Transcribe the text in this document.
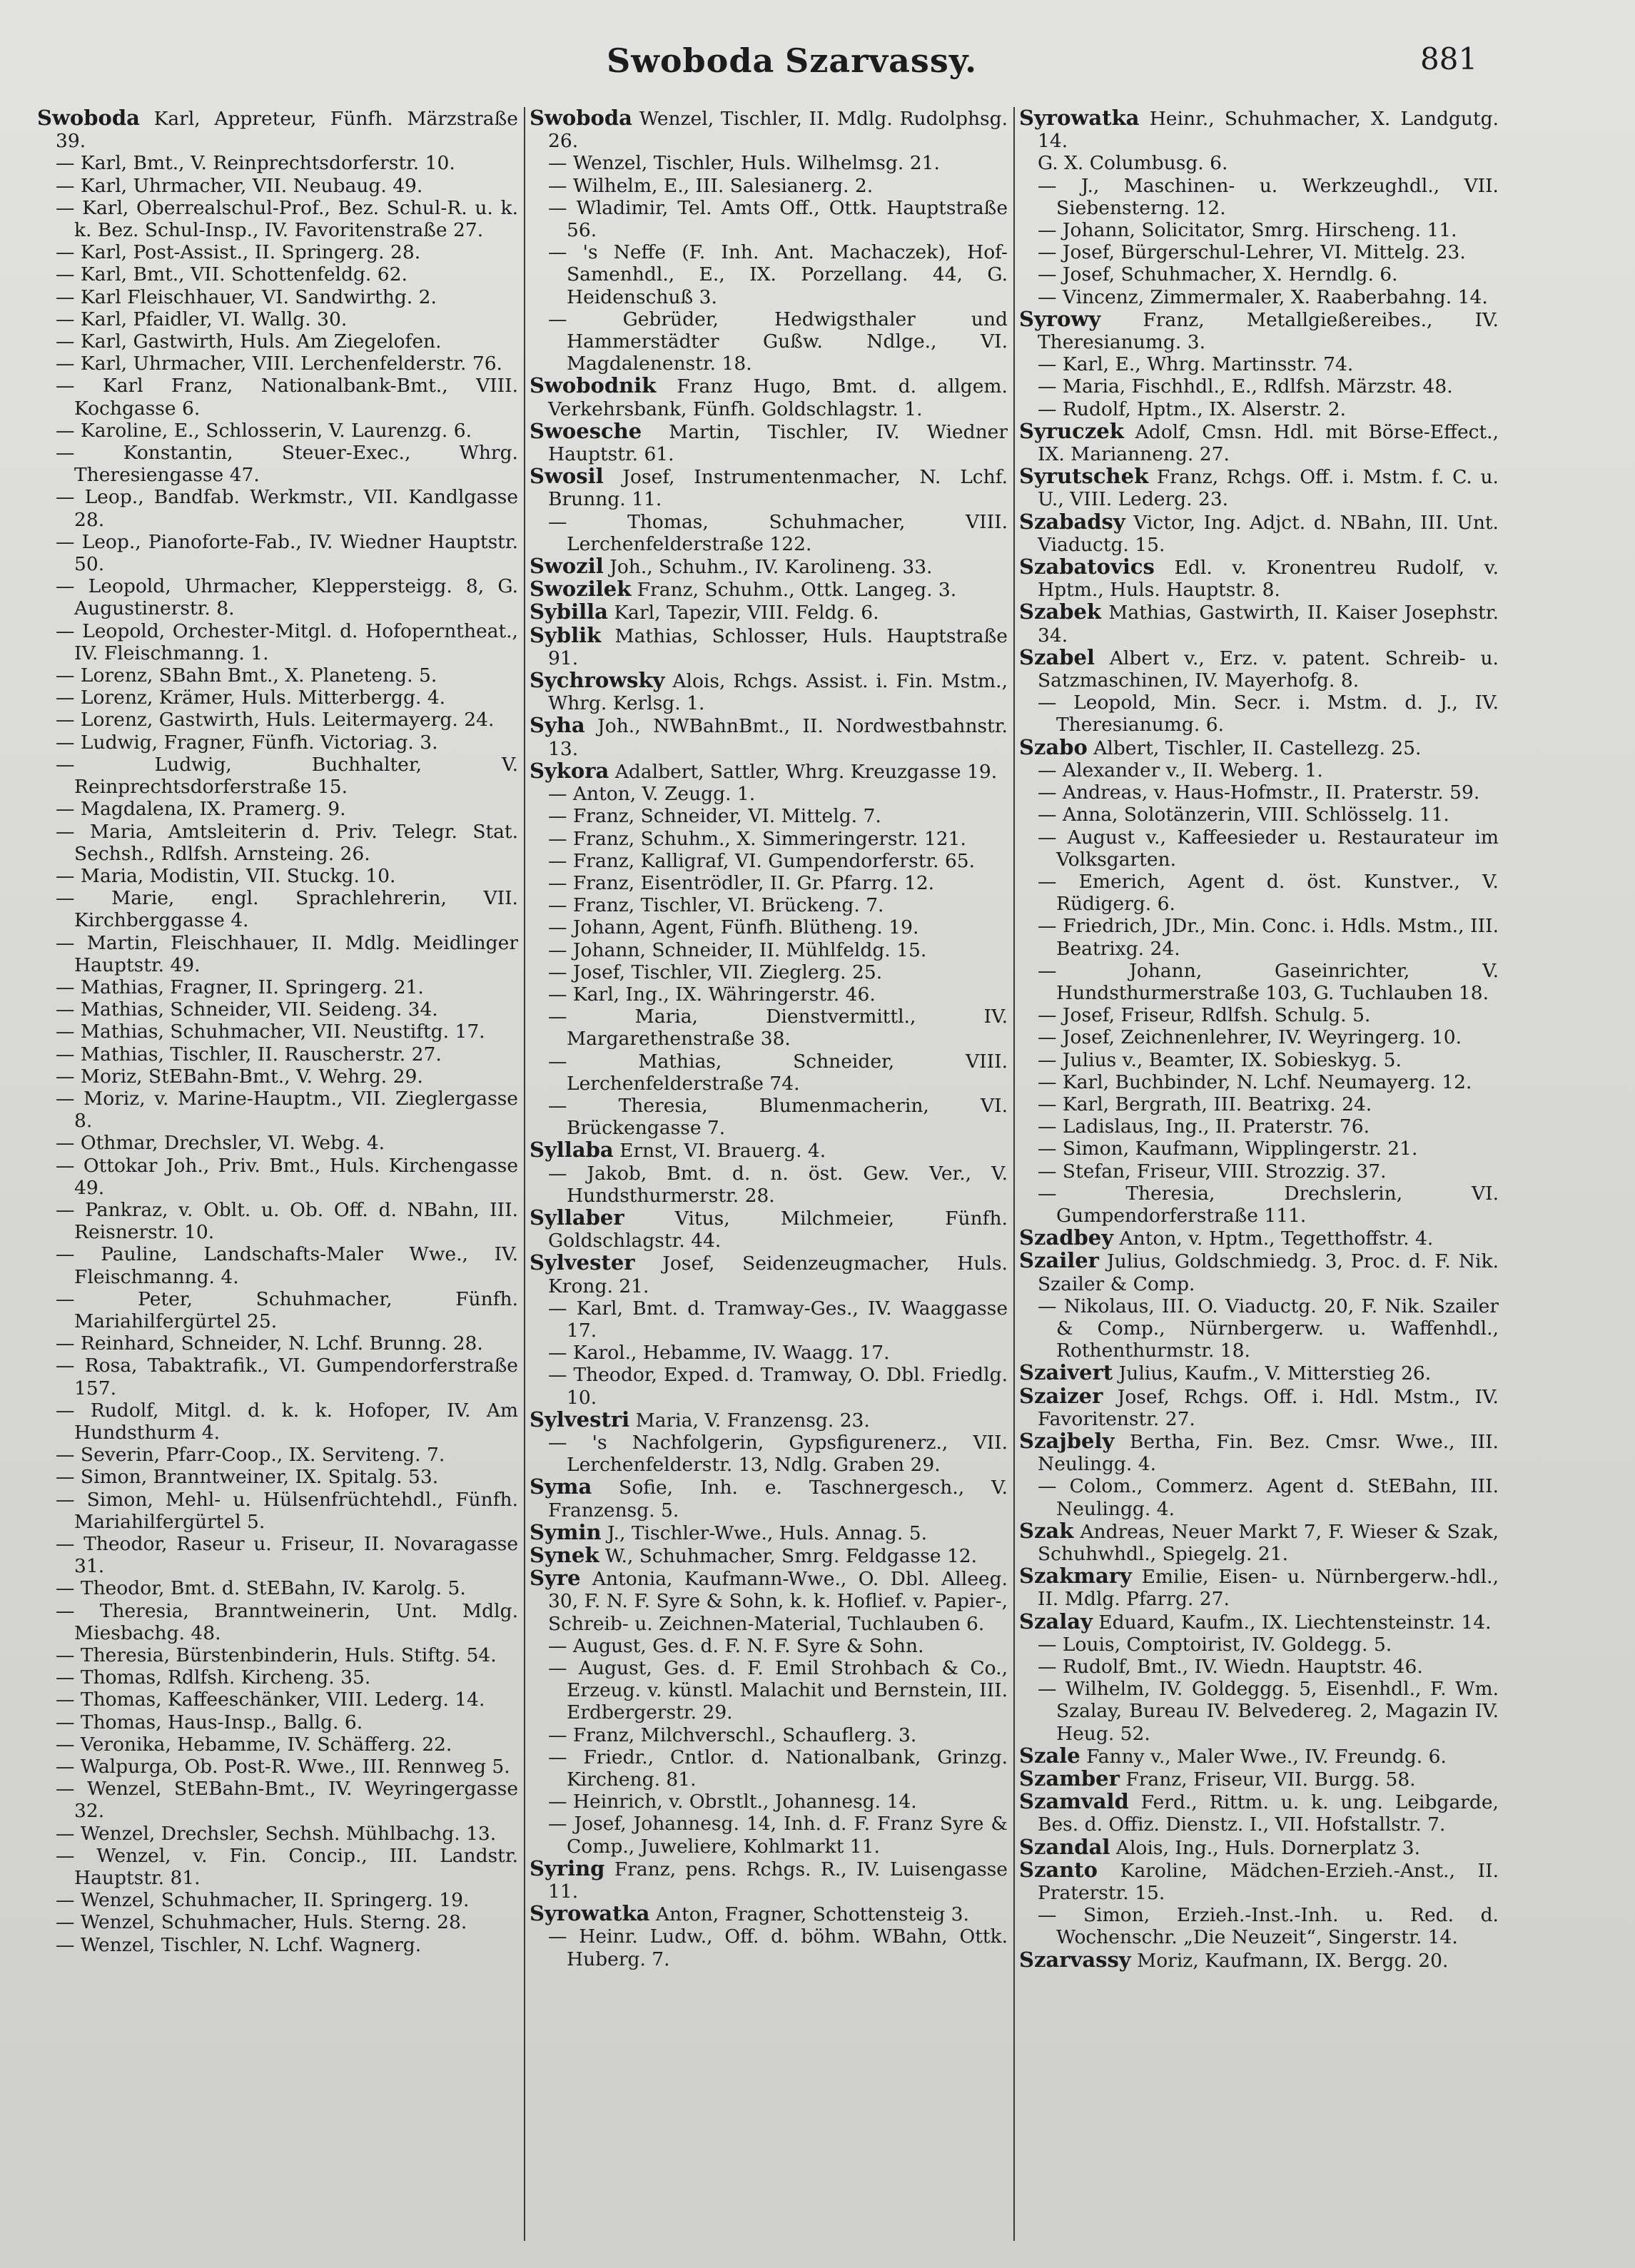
Swoboda Szarvassy.	881
Swoboda Karl, Appreteur, Fünfh. Märzstraße 39.
— Karl, Bmt., V. Reinprechtsdorferstr. 10.
— Karl, Uhrmacher, VII. Neubaug. 49.
— Karl, Oberrealschul-Prof., Bez. Schul-R. u. k. k. Bez. Schul-Insp., IV. Favoritenstraße 27.
— Karl, Post-Assist., II. Springerg. 28.
— Karl, Bmt., VII. Schottenfeldg. 62.
— Karl Fleischhauer, VI. Sandwirthg. 2.
— Karl, Pfaidler, VI. Wallg. 30.
— Karl, Gastwirth, Huls. Am Ziegelofen.
— Karl, Uhrmacher, VIII. Lerchenfelderstr. 76.
— Karl Franz, Nationalbank-Bmt., VIII. Kochgasse 6.
— Karoline, E., Schlosserin, V. Laurenzg. 6.
— Konstantin, Steuer-Exec., Whrg. Theresiengasse 47.
— Leop., Bandfab. Werkmstr., VII. Kandlgasse 28.
— Leop., Pianoforte-Fab., IV. Wiedner Hauptstr. 50.
— Leopold, Uhrmacher, Kleppersteigg. 8, G. Augustinerstr. 8.
— Leopold, Orchester-Mitgl. d. Hofoperntheat., IV. Fleischmanng. 1.
— Lorenz, SBahn Bmt., X. Planeteng. 5.
— Lorenz, Krämer, Huls. Mitterbergg. 4.
— Lorenz, Gastwirth, Huls. Leitermayerg. 24.
— Ludwig, Fragner, Fünfh. Victoriag. 3.
— Ludwig, Buchhalter, V. Reinprechtsdorferstraße 15.
— Magdalena, IX. Pramerg. 9.
— Maria, Amtsleiterin d. Priv. Telegr. Stat. Sechsh., Rdlfsh. Arnsteing. 26.
— Maria, Modistin, VII. Stuckg. 10.
— Marie, engl. Sprachlehrerin, VII. Kirchberggasse 4.
— Martin, Fleischhauer, II. Mdlg. Meidlinger Hauptstr. 49.
— Mathias, Fragner, II. Springerg. 21.
— Mathias, Schneider, VII. Seideng. 34.
— Mathias, Schuhmacher, VII. Neustiftg. 17.
— Mathias, Tischler, II. Rauscherstr. 27.
— Moriz, StEBahn-Bmt., V. Wehrg. 29.
— Moriz, v. Marine-Hauptm., VII. Zieglergasse 8.
— Othmar, Drechsler, VI. Webg. 4.
— Ottokar Joh., Priv. Bmt., Huls. Kirchengasse 49.
— Pankraz, v. Oblt. u. Ob. Off. d. NBahn, III. Reisnerstr. 10.
— Pauline, Landschafts-Maler Wwe., IV. Fleischmanng. 4.
— Peter, Schuhmacher, Fünfh. Mariahilfergürtel 25.
— Reinhard, Schneider, N. Lchf. Brunng. 28.
— Rosa, Tabaktrafik., VI. Gumpendorferstraße 157.
— Rudolf, Mitgl. d. k. k. Hofoper, IV. Am Hundsthurm 4.
— Severin, Pfarr-Coop., IX. Serviteng. 7.
— Simon, Branntweiner, IX. Spitalg. 53.
— Simon, Mehl- u. Hülsenfrüchtehdl., Fünfh. Mariahilfergürtel 5.
— Theodor, Raseur u. Friseur, II. Novaragasse 31.
— Theodor, Bmt. d. StEBahn, IV. Karolg. 5.
— Theresia, Branntweinerin, Unt. Mdlg. Miesbachg. 48.
— Theresia, Bürstenbinderin, Huls. Stiftg. 54.
— Thomas, Rdlfsh. Kircheng. 35.
— Thomas, Kaffeeschänker, VIII. Lederg. 14.
— Thomas, Haus-Insp., Ballg. 6.
— Veronika, Hebamme, IV. Schäfferg. 22.
— Walpurga, Ob. Post-R. Wwe., III. Rennweg 5.
— Wenzel, StEBahn-Bmt., IV. Weyringergasse 32.
— Wenzel, Drechsler, Sechsh. Mühlbachg. 13.
— Wenzel, v. Fin. Concip., III. Landstr. Hauptstr. 81.
— Wenzel, Schuhmacher, II. Springerg. 19.
— Wenzel, Schuhmacher, Huls. Sterng. 28.
— Wenzel, Tischler, N. Lchf. Wagnerg.
Swoboda Wenzel, Tischler, II. Mdlg. Rudolphsg. 26.
— Wenzel, Tischler, Huls. Wilhelmsg. 21.
— Wilhelm, E., III. Salesianerg. 2.
— Wladimir, Tel. Amts Off., Ottk. Hauptstraße 56.
— 's Neffe (F. Inh. Ant. Machaczek), Hof-Samenhdl., E., IX. Porzellang. 44, G. Heidenschuß 3.
— Gebrüder, Hedwigsthaler und Hammerstädter Gußw. Ndlge., VI. Magdalenenstr. 18.
Swobodnik Franz Hugo, Bmt. d. allgem. Verkehrsbank, Fünfh. Goldschlagstr. 1.
Swoesche Martin, Tischler, IV. Wiedner Hauptstr. 61.
Swosil Josef, Instrumentenmacher, N. Lchf. Brunng. 11.
— Thomas, Schuhmacher, VIII. Lerchenfelderstraße 122.
Swozil Joh., Schuhm., IV. Karolineng. 33.
Swozilek Franz, Schuhm., Ottk. Langeg. 3.
Sybilla Karl, Tapezir, VIII. Feldg. 6.
Syblik Mathias, Schlosser, Huls. Hauptstraße 91.
Sychrowsky Alois, Rchgs. Assist. i. Fin. Mstm., Whrg. Kerlsg. 1.
Syha Joh., NWBahnBmt., II. Nordwestbahnstr. 13.
Sykora Adalbert, Sattler, Whrg. Kreuzgasse 19.
— Anton, V. Zeugg. 1.
— Franz, Schneider, VI. Mittelg. 7.
— Franz, Schuhm., X. Simmeringerstr. 121.
— Franz, Kalligraf, VI. Gumpendorferstr. 65.
— Franz, Eisentrödler, II. Gr. Pfarrg. 12.
— Franz, Tischler, VI. Brückeng. 7.
— Johann, Agent, Fünfh. Blütheng. 19.
— Johann, Schneider, II. Mühlfeldg. 15.
— Josef, Tischler, VII. Zieglerg. 25.
— Karl, Ing., IX. Währingerstr. 46.
— Maria, Dienstvermittl., IV. Margarethenstraße 38.
— Mathias, Schneider, VIII. Lerchenfelderstraße 74.
— Theresia, Blumenmacherin, VI. Brückengasse 7.
Syllaba Ernst, VI. Brauerg. 4.
— Jakob, Bmt. d. n. öst. Gew. Ver., V. Hundsthurmerstr. 28.
Syllaber	Vitus, Milchmeier, Fünfh. Goldschlagstr. 44.
Sylvester Josef, Seidenzeugmacher, Huls. Krong. 21.
— Karl, Bmt. d. Tramway-Ges., IV. Waaggasse 17.
— Karol., Hebamme, IV. Waagg. 17.
— Theodor, Exped. d. Tramway, O. Dbl. Friedlg. 10.
Sylvestri Maria, V. Franzensg. 23.
— 's Nachfolgerin, Gypsfigurenerz., VII. Lerchenfelderstr. 13, Ndlg. Graben 29.
Syma Sofie, Inh. e. Taschnergesch., V. Franzensg. 5.
Symin J., Tischler-Wwe., Huls. Annag. 5.
Synek W., Schuhmacher, Smrg. Feldgasse 12.
Syre Antonia, Kaufmann-Wwe., O. Dbl. Alleeg. 30, F. N. F. Syre & Sohn, k. k. Hoflief. v. Papier-, Schreib- u. Zeichnen-Material, Tuchlauben 6.
— August, Ges. d. F. N. F. Syre & Sohn.
— August, Ges. d. F. Emil Strohbach & Co., Erzeug. v. künstl. Malachit und Bernstein, III. Erdbergerstr. 29.
— Franz, Milchverschl., Schauflerg. 3.
— Friedr., Cntlor. d. Nationalbank, Grinzg. Kircheng. 81.
— Heinrich, v. Obrstlt., Johannesg. 14.
— Josef, Johannesg. 14, Inh. d. F. Franz Syre & Comp., Juweliere, Kohlmarkt 11.
Syring Franz, pens. Rchgs. R., IV. Luisengasse 11.
Syrowatka Anton, Fragner, Schottensteig 3.
— Heinr. Ludw., Off. d. böhm. WBahn, Ottk. Huberg. 7.
Syrowatka Heinr., Schuhmacher, X. Landgutg. 14.
G. X. Columbusg. 6.
— J., Maschinen- u. Werkzeughdl., VII. Siebensterng. 12.
— Johann, Solicitator, Smrg. Hirscheng. 11.
— Josef, Bürgerschul-Lehrer, VI. Mittelg. 23.
— Josef, Schuhmacher, X. Herndlg. 6.
— Vincenz, Zimmermaler, X. Raaberbahng. 14.
Syrowy Franz, Metallgießereibes., IV. Theresianumg. 3.
— Karl, E., Whrg. Martinsstr. 74.
— Maria, Fischhdl., E., Rdlfsh. Märzstr. 48.
— Rudolf, Hptm., IX. Alserstr. 2.
Syruczek Adolf, Cmsn. Hdl. mit Börse-Effect., IX. Marianneng. 27.
Syrutschek Franz, Rchgs. Off. i. Mstm. f. C. u. U., VIII. Lederg. 23.
Szabadsy Victor, Ing. Adjct. d. NBahn, III. Unt. Viaductg. 15.
Szabatovics Edl. v. Kronentreu Rudolf, v. Hptm., Huls. Hauptstr. 8.
Szabek Mathias, Gastwirth, II. Kaiser Josephstr. 34.
Szabel Albert v., Erz. v. patent. Schreib- u. Satzmaschinen, IV. Mayerhofg. 8.
— Leopold, Min. Secr. i. Mstm. d. J., IV. Theresianumg. 6.
Szabo Albert, Tischler, II. Castellezg. 25.
— Alexander v., II. Weberg. 1.
— Andreas, v. Haus-Hofmstr., II. Praterstr. 59.
— Anna, Solotänzerin, VIII. Schlösselg. 11.
— August v., Kaffeesieder u. Restaurateur im Volksgarten.
— Emerich, Agent d. öst. Kunstver., V. Rüdigerg. 6.
— Friedrich, JDr., Min. Conc. i. Hdls. Mstm., III. Beatrixg. 24.
— Johann, Gaseinrichter, V. Hundsthurmerstraße 103, G. Tuchlauben 18.
— Josef, Friseur, Rdlfsh. Schulg. 5.
— Josef, Zeichnenlehrer, IV. Weyringerg. 10.
— Julius v., Beamter, IX. Sobieskyg. 5.
— Karl, Buchbinder, N. Lchf. Neumayerg. 12.
— Karl, Bergrath, III. Beatrixg. 24.
— Ladislaus, Ing., II. Praterstr. 76.
— Simon, Kaufmann, Wipplingerstr. 21.
— Stefan, Friseur, VIII. Strozzig. 37.
— Theresia, Drechslerin, VI. Gumpendorferstraße 111.
Szadbey Anton, v. Hptm., Tegetthoffstr. 4.
Szailer Julius, Goldschmiedg. 3, Proc. d. F. Nik. Szailer & Comp.
— Nikolaus, III. O. Viaductg. 20, F. Nik. Szailer & Comp., Nürnbergerw. u. Waffenhdl., Rothenthurmstr. 18.
Szaivert Julius, Kaufm., V. Mitterstieg 26.
Szaizer Josef, Rchgs. Off. i. Hdl. Mstm., IV. Favoritenstr. 27.
Szajbely Bertha, Fin. Bez. Cmsr. Wwe., III. Neulingg. 4.
— Colom., Commerz. Agent d. StEBahn, III. Neulingg. 4.
Szak Andreas, Neuer Markt 7, F. Wieser & Szak, Schuhwhdl., Spiegelg. 21.
Szakmary Emilie, Eisen- u. Nürnbergerw.-hdl., II. Mdlg. Pfarrg. 27.
Szalay Eduard, Kaufm., IX. Liechtensteinstr. 14.
— Louis, Comptoirist, IV. Goldegg. 5.
— Rudolf, Bmt., IV. Wiedn. Hauptstr. 46.
— Wilhelm, IV. Goldeggg. 5, Eisenhdl., F. Wm. Szalay, Bureau IV. Belvedereg. 2, Magazin IV. Heug. 52.
Szale Fanny v., Maler Wwe., IV. Freundg. 6.
Szamber Franz, Friseur, VII. Burgg. 58.
Szamvald Ferd., Rittm. u. k. ung. Leibgarde, Bes. d. Offiz. Dienstz. I., VII. Hofstallstr. 7.
Szandal Alois, Ing., Huls. Dornerplatz 3.
Szanto Karoline, Mädchen-Erzieh.-Anst., II. Praterstr. 15.
— Simon, Erzieh.-Inst.-Inh. u. Red. d. Wochenschr. „Die Neuzeit“, Singerstr. 14.
Szarvassy Moriz, Kaufmann, IX. Bergg. 20.
